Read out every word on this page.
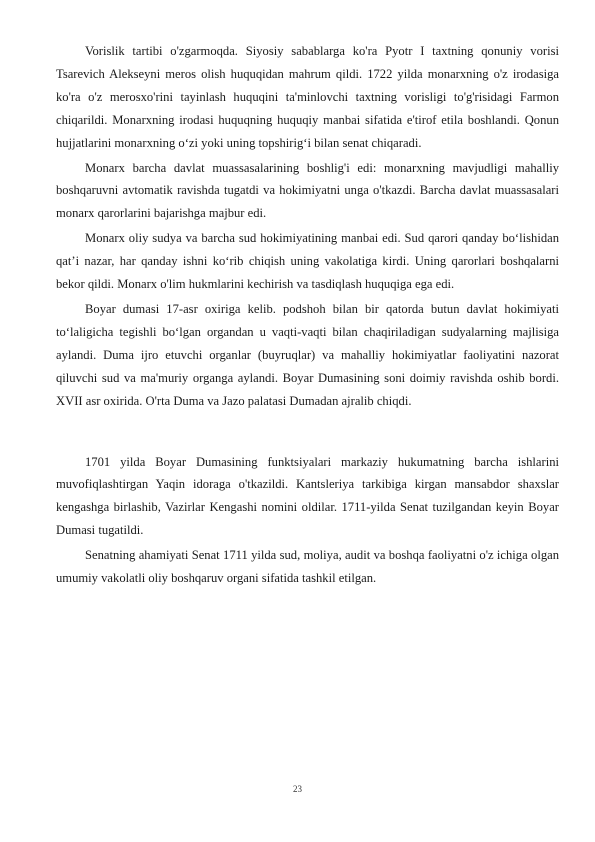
Vorislik tartibi o'zgarmoqda. Siyosiy sabablarga ko'ra Pyotr I taxtning qonuniy vorisi Tsarevich Alekseyni meros olish huquqidan mahrum qildi. 1722 yilda monarxning o'z irodasiga ko'ra o'z merosxo'rini tayinlash huquqini ta'minlovchi taxtning vorisligi to'g'risidagi Farmon chiqarildi. Monarxning irodasi huquqning huquqiy manbai sifatida e'tirof etila boshlandi. Qonun hujjatlarini monarxning o‘zi yoki uning topshirig‘i bilan senat chiqaradi.

Monarx barcha davlat muassasalarining boshlig'i edi: monarxning mavjudligi mahalliy boshqaruvni avtomatik ravishda tugatdi va hokimiyatni unga o'tkazdi. Barcha davlat muassasalari monarx qarorlarini bajarishga majbur edi.

Monarx oliy sudya va barcha sud hokimiyatining manbai edi. Sud qarori qanday bo‘lishidan qat’i nazar, har qanday ishni ko‘rib chiqish uning vakolatiga kirdi. Uning qarorlari boshqalarni bekor qildi. Monarx o'lim hukmlarini kechirish va tasdiqlash huquqiga ega edi.

Boyar dumasi 17-asr oxiriga kelib. podshoh bilan bir qatorda butun davlat hokimiyati to‘laligicha tegishli bo‘lgan organdan u vaqti-vaqti bilan chaqiriladigan sudyalarning majlisiga aylandi. Duma ijro etuvchi organlar (buyruqlar) va mahalliy hokimiyatlar faoliyatini nazorat qiluvchi sud va ma'muriy organga aylandi. Boyar Dumasining soni doimiy ravishda oshib bordi. XVII asr oxirida. O'rta Duma va Jazo palatasi Dumadan ajralib chiqdi.

1701 yilda Boyar Dumasining funktsiyalari markaziy hukumatning barcha ishlarini muvofiqlashtirgan Yaqin idoraga o'tkazildi. Kantsleriya tarkibiga kirgan mansabdor shaxslar kengashga birlashib, Vazirlar Kengashi nomini oldilar. 1711-yilda Senat tuzilgandan keyin Boyar Dumasi tugatildi.

Senatning ahamiyati Senat 1711 yilda sud, moliya, audit va boshqa faoliyatni o'z ichiga olgan umumiy vakolatli oliy boshqaruv organi sifatida tashkil etilgan.

23
